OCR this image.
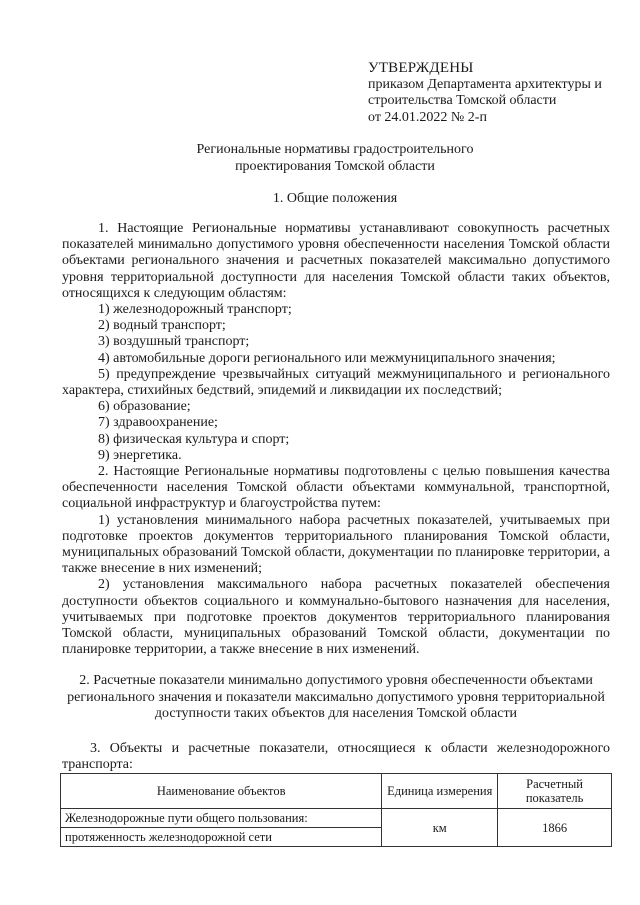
УТВЕРЖДЕНЫ
приказом Департамента архитектуры и
строительства Томской области
от 24.01.2022 № 2-п
Региональные нормативы градостроительного
проектирования Томской области
1. Общие положения

1. Настоящие Региональные нормативы устанавливают совокупность расчетных показателей минимально допустимого уровня обеспеченности населения Томской области объектами регионального значения и расчетных показателей максимально допустимого уровня территориальной доступности для населения Томской области таких объектов, относящихся к следующим областям:

1) железнодорожный транспорт;

2) водный транспорт;

3) воздушный транспорт;

4) автомобильные дороги регионального или межмуниципального значения;

5) предупреждение чрезвычайных ситуаций межмуниципального и регионального характера, стихийных бедствий, эпидемий и ликвидации их последствий;

6) образование;

7) здравоохранение;

8) физическая культура и спорт;

9) энергетика.

2. Настоящие Региональные нормативы подготовлены с целью повышения качества обеспеченности населения Томской области объектами коммунальной, транспортной, социальной инфраструктур и благоустройства путем:

1) установления минимального набора расчетных показателей, учитываемых при подготовке проектов документов территориального планирования Томской области, муниципальных образований Томской области, документации по планировке территории, а также внесение в них изменений;

2) установления максимального набора расчетных показателей обеспечения доступности объектов социального и коммунально-бытового назначения для населения, учитываемых при подготовке проектов документов территориального планирования Томской области, муниципальных образований Томской области, документации по планировке территории, а также внесение в них изменений.

2. Расчетные показатели минимально допустимого уровня обеспеченности объектами
регионального значения и показатели максимально допустимого уровня территориальной
доступности таких объектов для населения Томской области

3. Объекты и расчетные показатели, относящиеся к области железнодорожного транспорта:

Наименование объектов	Единица измерения	Расчетный показатель
Железнодорожные пути общего пользования:	км	1866
протяженность железнодорожной сети		
